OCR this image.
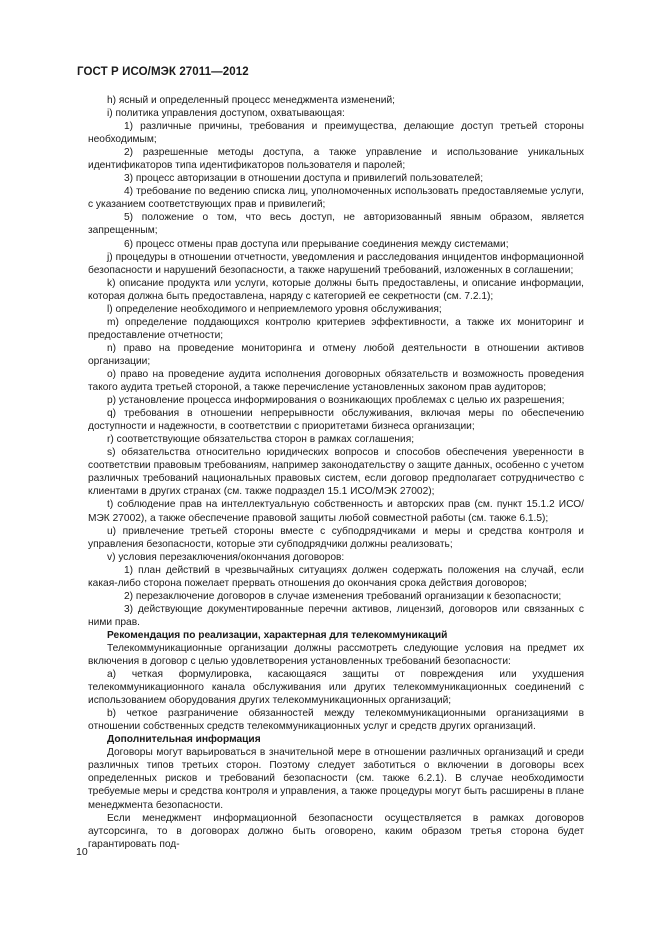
ГОСТ Р ИСО/МЭК 27011—2012
h) ясный и определенный процесс менеджмента изменений;
i) политика управления доступом, охватывающая:
1) различные причины, требования и преимущества, делающие доступ третьей стороны необходимым;
2) разрешенные методы доступа, а также управление и использование уникальных идентификаторов типа идентификаторов пользователя и паролей;
3) процесс авторизации в отношении доступа и привилегий пользователей;
4) требование по ведению списка лиц, уполномоченных использовать предоставляемые услуги, с указанием соответствующих прав и привилегий;
5) положение о том, что весь доступ, не авторизованный явным образом, является запрещенным;
6) процесс отмены прав доступа или прерывание соединения между системами;
j) процедуры в отношении отчетности, уведомления и расследования инцидентов информационной безопасности и нарушений безопасности, а также нарушений требований, изложенных в соглашении;
k) описание продукта или услуги, которые должны быть предоставлены, и описание информации, которая должна быть предоставлена, наряду с категорией ее секретности (см. 7.2.1);
l) определение необходимого и неприемлемого уровня обслуживания;
m) определение поддающихся контролю критериев эффективности, а также их мониторинг и предоставление отчетности;
n) право на проведение мониторинга и отмену любой деятельности в отношении активов организации;
o) право на проведение аудита исполнения договорных обязательств и возможность проведения такого аудита третьей стороной, а также перечисление установленных законом прав аудиторов;
p) установление процесса информирования о возникающих проблемах с целью их разрешения;
q) требования в отношении непрерывности обслуживания, включая меры по обеспечению доступности и надежности, в соответствии с приоритетами бизнеса организации;
r) соответствующие обязательства сторон в рамках соглашения;
s) обязательства относительно юридических вопросов и способов обеспечения уверенности в соответствии правовым требованиям, например законодательству о защите данных, особенно с учетом различных требований национальных правовых систем, если договор предполагает сотрудничество с клиентами в других странах (см. также подраздел 15.1 ИСО/МЭК 27002);
t) соблюдение прав на интеллектуальную собственность и авторских прав (см. пункт 15.1.2 ИСО/МЭК 27002), а также обеспечение правовой защиты любой совместной работы (см. также 6.1.5);
u) привлечение третьей стороны вместе с субподрядчиками и меры и средства контроля и управления безопасности, которые эти субподрядчики должны реализовать;
v) условия перезаключения/окончания договоров:
1) план действий в чрезвычайных ситуациях должен содержать положения на случай, если какая-либо сторона пожелает прервать отношения до окончания срока действия договоров;
2) перезаключение договоров в случае изменения требований организации к безопасности;
3) действующие документированные перечни активов, лицензий, договоров или связанных с ними прав.
Рекомендация по реализации, характерная для телекоммуникаций
Телекоммуникационные организации должны рассмотреть следующие условия на предмет их включения в договор с целью удовлетворения установленных требований безопасности:
a) четкая формулировка, касающаяся защиты от повреждения или ухудшения телекоммуникационного канала обслуживания или других телекоммуникационных соединений с использованием оборудования других телекоммуникационных организаций;
b) четкое разграничение обязанностей между телекоммуникационными организациями в отношении собственных средств телекоммуникационных услуг и средств других организаций.
Дополнительная информация
Договоры могут варьироваться в значительной мере в отношении различных организаций и среди различных типов третьих сторон. Поэтому следует заботиться о включении в договоры всех определенных рисков и требований безопасности (см. также 6.2.1). В случае необходимости требуемые меры и средства контроля и управления, а также процедуры могут быть расширены в плане менеджмента безопасности.
Если менеджмент информационной безопасности осуществляется в рамках договоров аутсорсинга, то в договорах должно быть оговорено, каким образом третья сторона будет гарантировать под-
10
